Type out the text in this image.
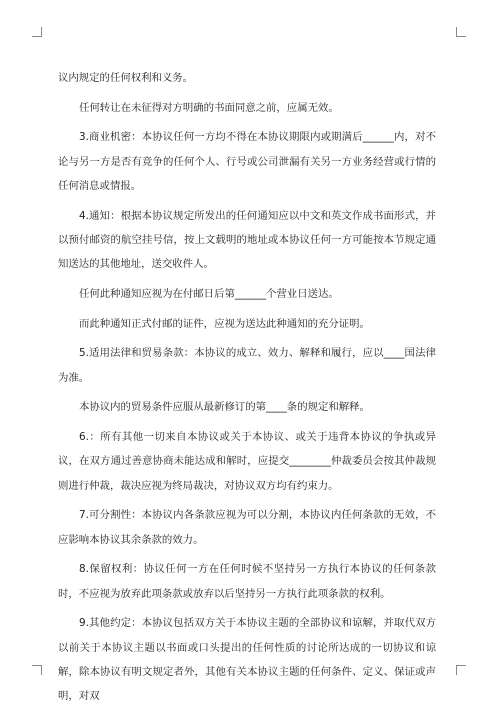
议内规定的任何权利和义务。

任何转让在未征得对方明确的书面同意之前，应属无效。

3.商业机密：本协议任何一方均不得在本协议期限内或期满后______内，对不论与另一方是否有竞争的任何个人、行号或公司泄漏有关另一方业务经营或行情的任何消息或情报。

4.通知：根据本协议规定所发出的任何通知应以中文和英文作成书面形式，并以预付邮资的航空挂号信，按上文载明的地址或本协议任何一方可能按本节规定通知送达的其他地址，送交收件人。

任何此种通知应视为在付邮日后第______个营业日送达。

而此种通知正式付邮的证件，应视为送达此种通知的充分证明。

5.适用法律和贸易条款：本协议的成立、效力、解释和履行，应以____国法律为准。

本协议内的贸易条件应服从最新修订的第____条的规定和解释。

6.：所有其他一切来自本协议或关于本协议、或关于违背本协议的争执或异议，在双方通过善意协商未能达成和解时，应提交________仲裁委员会按其仲裁规则进行仲裁，裁决应视为终局裁决，对协议双方均有约束力。

7.可分割性：本协议内各条款应视为可以分割，本协议内任何条款的无效，不应影响本协议其余条款的效力。

8.保留权利：协议任何一方在任何时候不坚持另一方执行本协议的任何条款时，不应视为放弃此项条款或放弃以后坚持另一方执行此项条款的权利。

9.其他约定：本协议包括双方关于本协议主题的全部协议和谅解，并取代双方以前关于本协议主题以书面或口头提出的任何性质的讨论所达成的一切协议和谅解，除本协议有明文规定者外，其他有关本协议主题的任何条件、定义、保证或声明，对双
